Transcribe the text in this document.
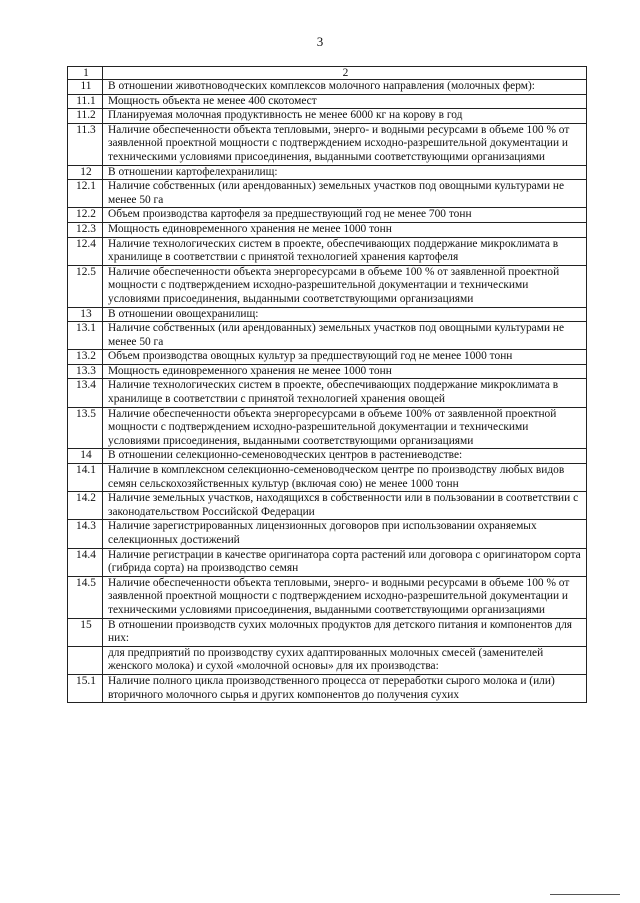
3
1	2
11	В отношении животноводческих комплексов молочного направления (молочных ферм):
11.1	Мощность объекта не менее 400 скотомест
11.2	Планируемая молочная продуктивность не менее 6000 кг на корову в год
11.3	Наличие обеспеченности объекта тепловыми, энерго- и водными ресурсами в объеме 100 % от заявленной проектной мощности с подтверждением исходно-разрешительной документации и техническими условиями присоединения, выданными соответствующими организациями
12	В отношении картофелехранилищ:
12.1	Наличие собственных (или арендованных) земельных участков под овощными культурами не менее 50 га
12.2	Объем производства картофеля за предшествующий год не менее 700 тонн
12.3	Мощность единовременного хранения не менее 1000 тонн
12.4	Наличие технологических систем в проекте, обеспечивающих поддержание микроклимата в хранилище в соответствии с принятой технологией хранения картофеля
12.5	Наличие обеспеченности объекта энергоресурсами в объеме 100 % от заявленной проектной мощности с подтверждением исходно-разрешительной документации и техническими условиями присоединения, выданными соответствующими организациями
13	В отношении овощехранилищ:
13.1	Наличие собственных (или арендованных) земельных участков под овощными культурами не менее 50 га
13.2	Объем производства овощных культур за предшествующий год не менее 1000 тонн
13.3	Мощность единовременного хранения не менее 1000 тонн
13.4	Наличие технологических систем в проекте, обеспечивающих поддержание микроклимата в хранилище в соответствии с принятой технологией хранения овощей
13.5	Наличие обеспеченности объекта энергоресурсами в объеме 100% от заявленной проектной мощности с подтверждением исходно-разрешительной документации и техническими условиями присоединения, выданными соответствующими организациями
14	В отношении селекционно-семеноводческих центров в растениеводстве:
14.1	Наличие в комплексном селекционно-семеноводческом центре по производству любых видов семян сельскохозяйственных культур (включая сою) не менее 1000 тонн
14.2	Наличие земельных участков, находящихся в собственности или в пользовании в соответствии с законодательством Российской Федерации
14.3	Наличие зарегистрированных лицензионных договоров при использовании охраняемых селекционных достижений
14.4	Наличие регистрации в качестве оригинатора сорта растений или договора с оригинатором сорта (гибрида сорта) на производство семян
14.5	Наличие обеспеченности объекта тепловыми, энерго- и водными ресурсами в объеме 100 % от заявленной проектной мощности с подтверждением исходно-разрешительной документации и техническими условиями присоединения, выданными соответствующими организациями
15	В отношении производств сухих молочных продуктов для детского питания и компонентов для них:
	для предприятий по производству сухих адаптированных молочных смесей (заменителей женского молока) и сухой «молочной основы» для их производства:
15.1	Наличие полного цикла производственного процесса от переработки сырого молока и (или) вторичного молочного сырья и других компонентов до получения сухих
